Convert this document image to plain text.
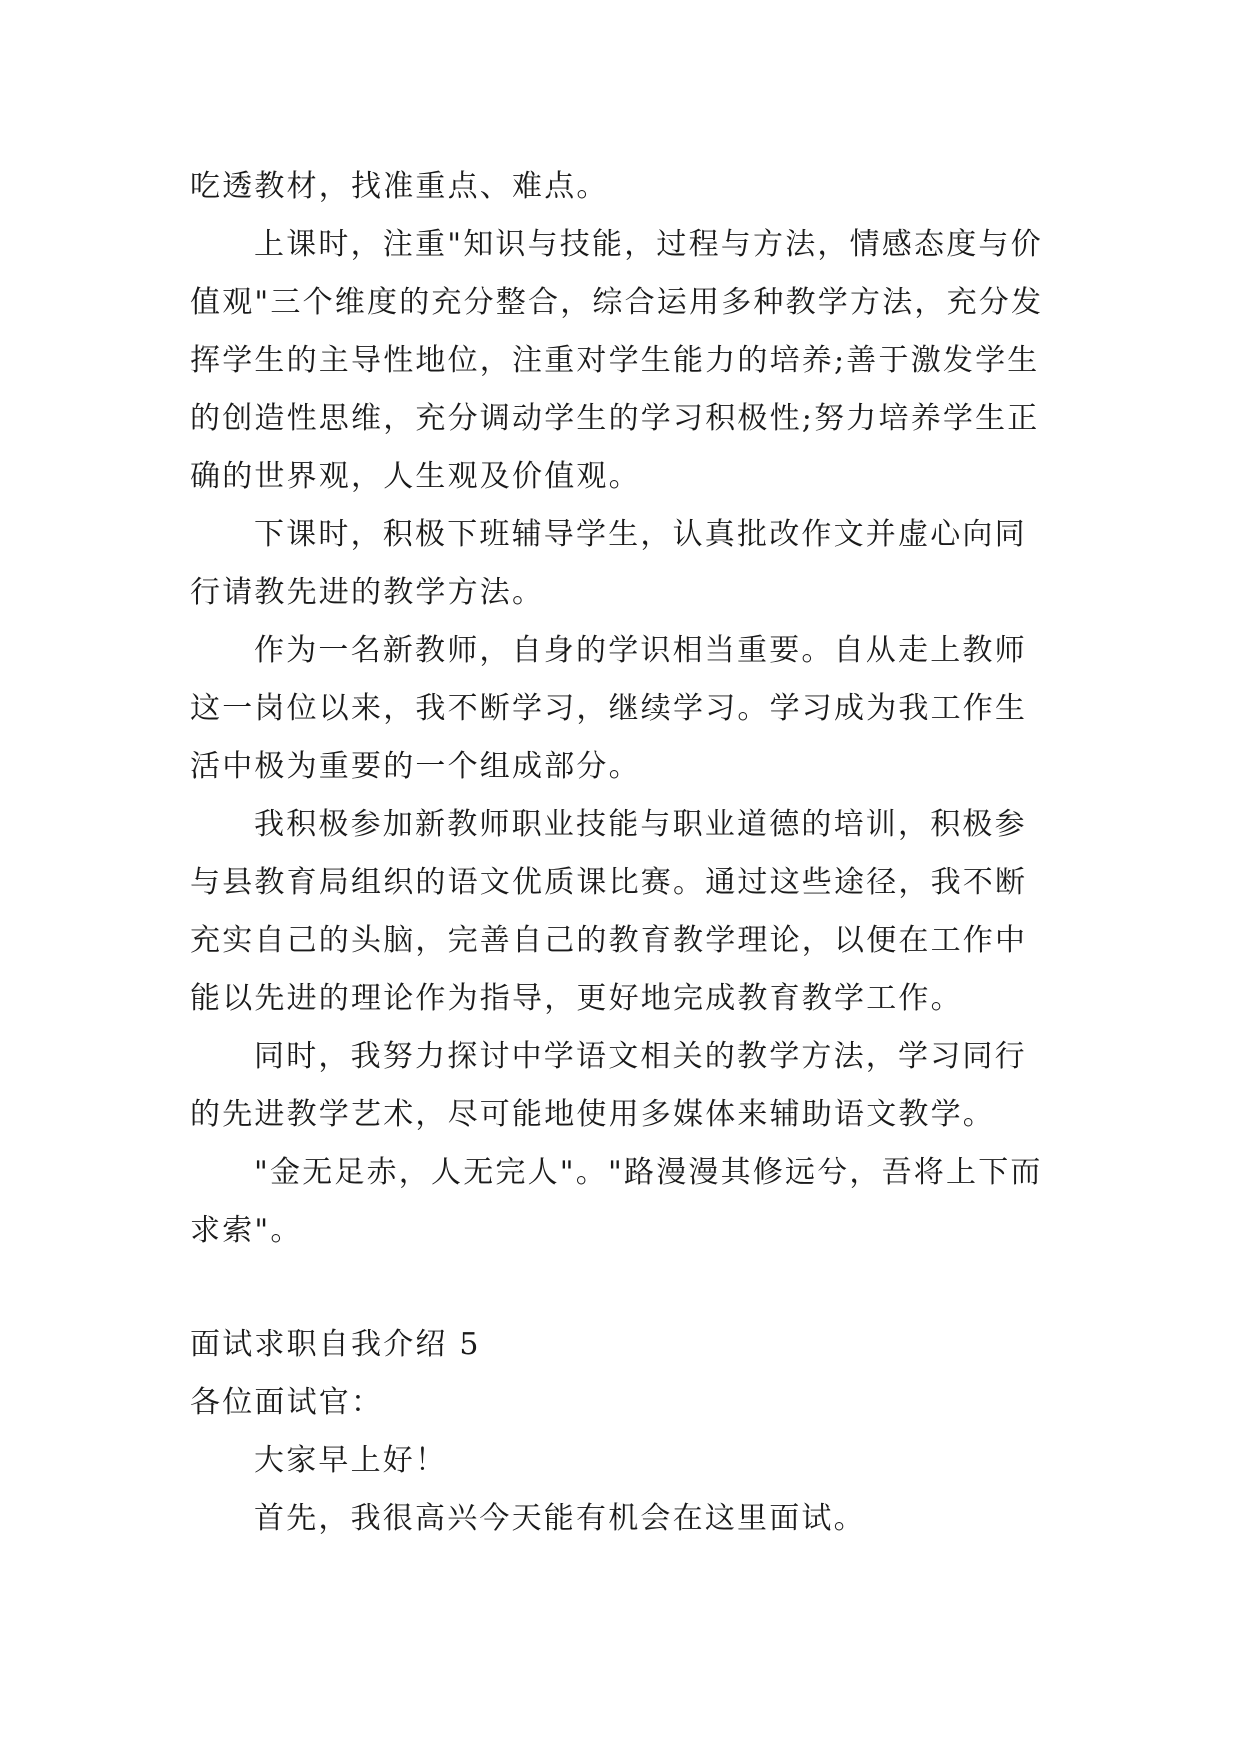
吃透教材，找准重点、难点。

上课时，注重"知识与技能，过程与方法，情感态度与价值观"三个维度的充分整合，综合运用多种教学方法，充分发挥学生的主导性地位，注重对学生能力的培养;善于激发学生的创造性思维，充分调动学生的学习积极性;努力培养学生正确的世界观，人生观及价值观。

下课时，积极下班辅导学生，认真批改作文并虚心向同行请教先进的教学方法。

作为一名新教师，自身的学识相当重要。自从走上教师这一岗位以来，我不断学习，继续学习。学习成为我工作生活中极为重要的一个组成部分。

我积极参加新教师职业技能与职业道德的培训，积极参与县教育局组织的语文优质课比赛。通过这些途径，我不断充实自己的头脑，完善自己的教育教学理论，以便在工作中能以先进的理论作为指导，更好地完成教育教学工作。

同时，我努力探讨中学语文相关的教学方法，学习同行的先进教学艺术，尽可能地使用多媒体来辅助语文教学。

"金无足赤，人无完人"。"路漫漫其修远兮，吾将上下而求索"。

面试求职自我介绍 5

各位面试官：

大家早上好！

首先，我很高兴今天能有机会在这里面试。
